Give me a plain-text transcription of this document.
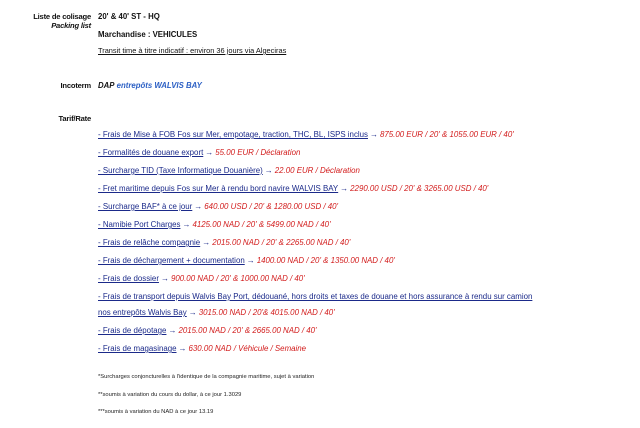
Liste de colisage
Packing list
20' & 40' ST - HQ
Marchandise : VEHICULES
Transit time à titre indicatif : environ 36 jours via Algeciras
Incoterm DAP entrepôts WALVIS BAY
Tarif/Rate
- Frais de Mise à FOB Fos sur Mer, empotage, traction, THC, BL, ISPS inclus → 875.00 EUR / 20' & 1055.00 EUR / 40'
- Formalités de douane export → 55.00 EUR / Déclaration
- Surcharge TID (Taxe Informatique Douanière) → 22.00 EUR / Déclaration
- Fret maritime depuis Fos sur Mer à rendu bord navire WALVIS BAY → 2290.00 USD / 20' & 3265.00 USD / 40'
- Surcharge BAF* à ce jour → 640.00 USD / 20' & 1280.00 USD / 40'
- Namibie Port Charges → 4125.00 NAD / 20' & 5499.00 NAD / 40'
- Frais de relâche compagnie → 2015.00 NAD / 20' & 2265.00 NAD / 40'
- Frais de déchargement + documentation → 1400.00 NAD / 20' & 1350.00 NAD / 40'
- Frais de dossier → 900.00 NAD / 20' & 1000.00 NAD / 40'
- Frais de transport depuis Walvis Bay Port, dédouané, hors droits et taxes de douane et hors assurance à rendu sur camion
nos entrepôts Walvis Bay → 3015.00 NAD / 20'& 4015.00 NAD / 40'
- Frais de dépotage → 2015.00 NAD / 20' & 2665.00 NAD / 40'
- Frais de magasinage → 630.00 NAD / Véhicule / Semaine
*Surcharges conjoncturelles à l'identique de la compagnie maritime, sujet à variation
**soumis à variation du cours du dollar, à ce jour 1.3029
***soumis à variation du NAD à ce jour 13.19
